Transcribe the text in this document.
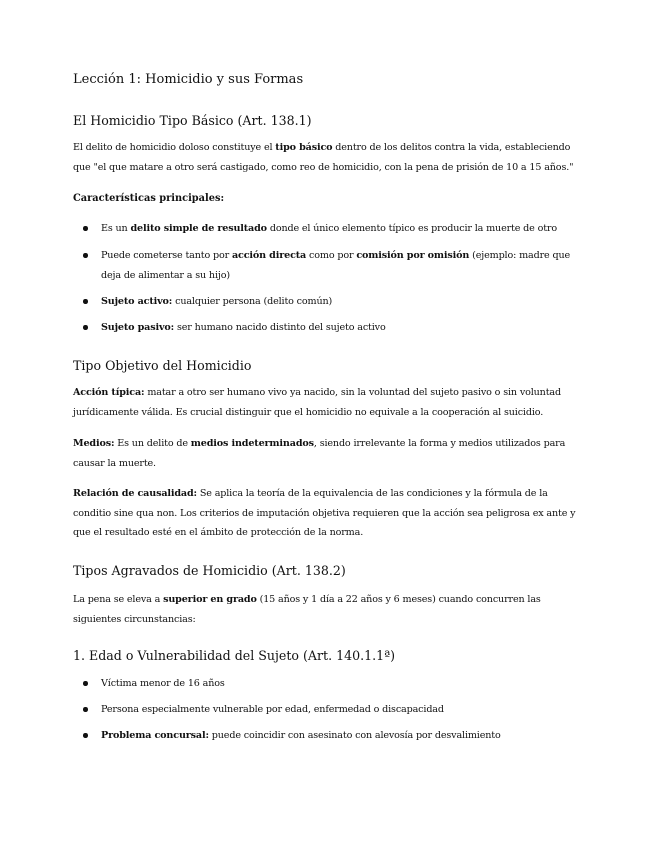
Lección 1: Homicidio y sus Formas
El Homicidio Tipo Básico (Art. 138.1)

El delito de homicidio doloso constituye el tipo básico dentro de los delitos contra la vida, estableciendo que "el que matare a otro será castigado, como reo de homicidio, con la pena de prisión de 10 a 15 años."

Características principales:
Es un delito simple de resultado donde el único elemento típico es producir la muerte de otro
Puede cometerse tanto por acción directa como por comisión por omisión (ejemplo: madre que deja de alimentar a su hijo)
Sujeto activo: cualquier persona (delito común)
Sujeto pasivo: ser humano nacido distinto del sujeto activo
Tipo Objetivo del Homicidio

Acción típica: matar a otro ser humano vivo ya nacido, sin la voluntad del sujeto pasivo o sin voluntad jurídicamente válida. Es crucial distinguir que el homicidio no equivale a la cooperación al suicidio.

Medios: Es un delito de medios indeterminados, siendo irrelevante la forma y medios utilizados para causar la muerte.

Relación de causalidad: Se aplica la teoría de la equivalencia de las condiciones y la fórmula de la conditio sine qua non. Los criterios de imputación objetiva requieren que la acción sea peligrosa ex ante y que el resultado esté en el ámbito de protección de la norma.

Tipos Agravados de Homicidio (Art. 138.2)

La pena se eleva a superior en grado (15 años y 1 día a 22 años y 6 meses) cuando concurren las siguientes circunstancias:

1. Edad o Vulnerabilidad del Sujeto (Art. 140.1.1ª)
Víctima menor de 16 años
Persona especialmente vulnerable por edad, enfermedad o discapacidad
Problema concursal: puede coincidir con asesinato con alevosía por desvalimiento
